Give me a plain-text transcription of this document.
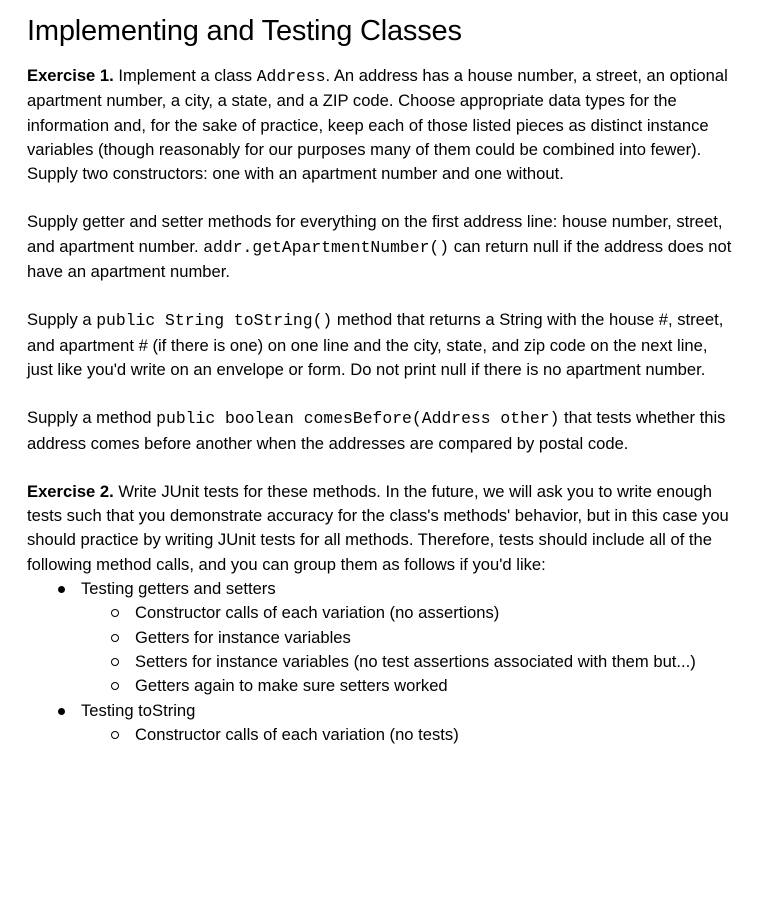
Implementing and Testing Classes

Exercise 1. Implement a class Address. An address has a house number, a street, an optional apartment number, a city, a state, and a ZIP code. Choose appropriate data types for the information and, for the sake of practice, keep each of those listed pieces as distinct instance variables (though reasonably for our purposes many of them could be combined into fewer). Supply two constructors: one with an apartment number and one without.

Supply getter and setter methods for everything on the first address line: house number, street, and apartment number. addr.getApartmentNumber() can return null if the address does not have an apartment number.

Supply a public String toString() method that returns a String with the house #, street, and apartment # (if there is one) on one line and the city, state, and zip code on the next line, just like you'd write on an envelope or form. Do not print null if there is no apartment number.

Supply a method public boolean comesBefore(Address other) that tests whether this address comes before another when the addresses are compared by postal code.

Exercise 2. Write JUnit tests for these methods. In the future, we will ask you to write enough tests such that you demonstrate accuracy for the class's methods' behavior, but in this case you should practice by writing JUnit tests for all methods. Therefore, tests should include all of the following method calls, and you can group them as follows if you'd like:

Testing getters and setters
Constructor calls of each variation (no assertions)
Getters for instance variables
Setters for instance variables (no test assertions associated with them but...)
Getters again to make sure setters worked
Testing toString
Constructor calls of each variation (no tests)
